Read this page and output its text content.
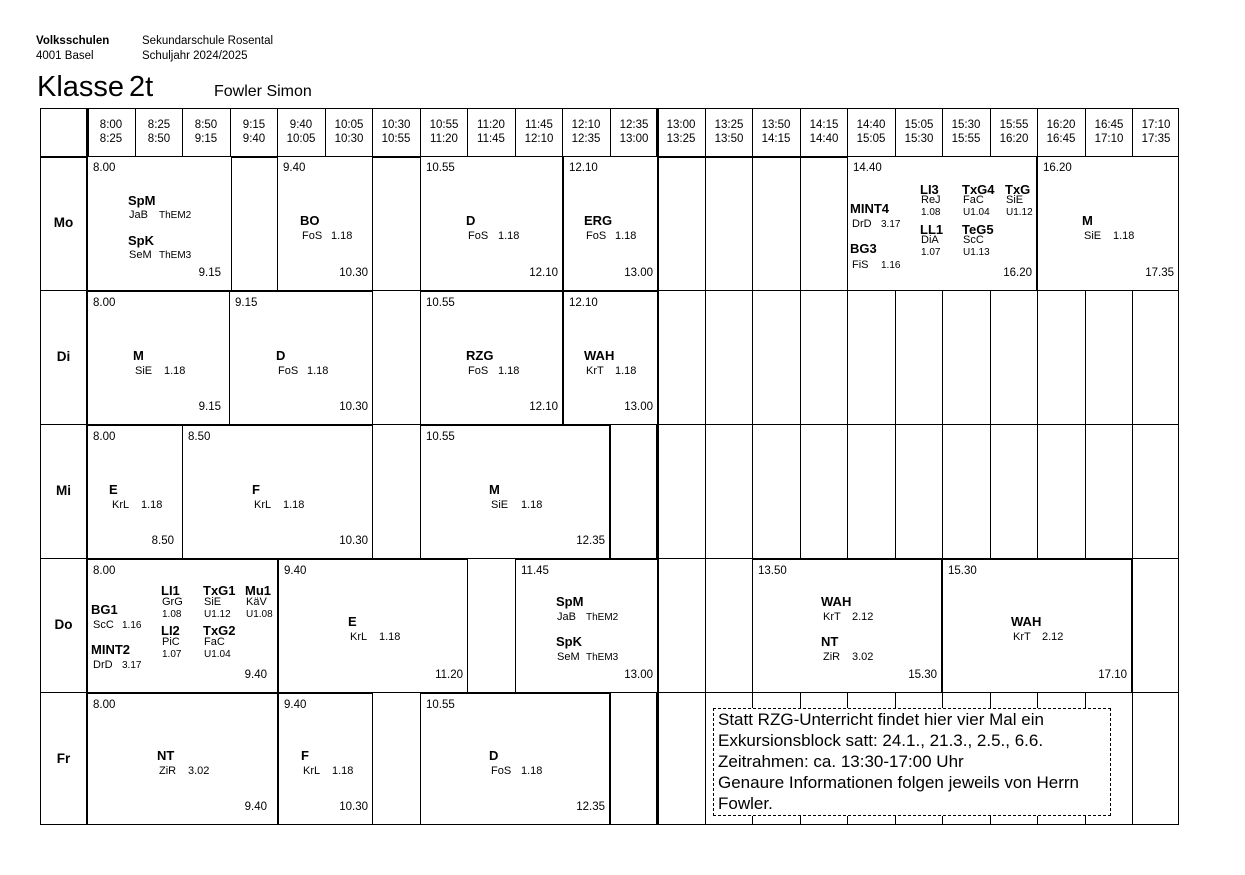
Volksschulen
4001 Basel
Sekundarschule Rosental
Schuljahr 2024/2025
Klasse 2t	Fowler Simon
8:00
8:25
8:25
8:50
8:50
9:15
9:15
9:40
9:40
10:05
10:05
10:30
10:30
10:55
10:55
11:20
11:20
11:45
11:45
12:10
12:10
12:35
12:35
13:00
13:00
13:25
13:25
13:50
13:50
14:15
14:15
14:40
14:40
15:05
15:05
15:30
15:30
15:55
15:55
16:20
16:20
16:45
16:45
17:10
17:10
17:35
Mo
Di
Mi
Do
Fr
8.00
SpM
JaB ThEM2
SpK
SeM ThEM3
9.15
9.40
BO
FoS 1.18
10.30
10.55
D
FoS 1.18
12.10
12.10
ERG
FoS 1.18
13.00
14.40
MINT4
DrD 3.17
BG3
FiS 1.16
LI3
ReJ
1.08
LL1
DiA
1.07
TxG4
FaC
U1.04
TeG5
ScC
U1.13
TxG
SiE
U1.12
16.20
16.20
M
SiE 1.18
17.35
8.00
M
SiE 1.18
9.15
9.15
D
FoS 1.18
10.30
10.55
RZG
FoS 1.18
12.10
12.10
WAH
KrT 1.18
13.00
8.00
E
KrL 1.18
8.50
8.50
F
KrL 1.18
10.30
10.55
M
SiE 1.18
12.35
8.00
BG1
ScC 1.16
MINT2
DrD 3.17
LI1
GrG
1.08
LI2
PiC
1.07
TxG1
SiE
U1.12
TxG2
FaC
U1.04
Mu1
KäV
U1.08
9.40
9.40
E
KrL 1.18
11.20
11.45
SpM
JaB ThEM2
SpK
SeM ThEM3
13.00
13.50
WAH
KrT 2.12
NT
ZiR 3.02
15.30
15.30
WAH
KrT 2.12
17.10
8.00
NT
ZiR 3.02
9.40
9.40
F
KrL 1.18
10.30
10.55
D
FoS 1.18
12.35
Statt RZG-Unterricht findet hier vier Mal ein
Exkursionsblock satt: 24.1., 21.3., 2.5., 6.6.
Zeitrahmen: ca. 13:30-17:00 Uhr
Genaure Informationen folgen jeweils von Herrn
Fowler.
